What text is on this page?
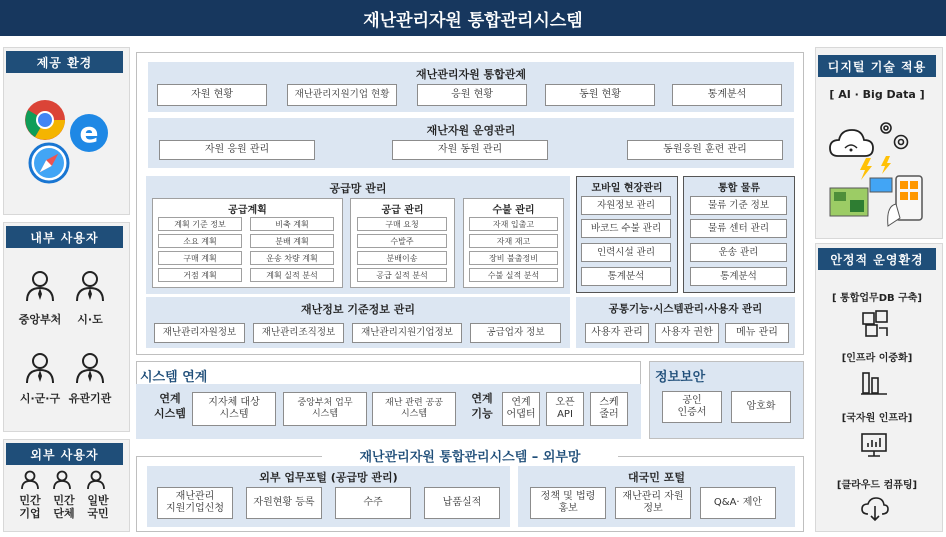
재난관리자원 통합관리시스템
제공 환경
e
내부 사용자
중앙부처	시·도
시·군·구 유관기관
외부 사용자
민간
기업
민간
단체
일반
국민
디지털 기술 적용
[ AI · Big Data ]
안정적 운영환경
[ 통합업무DB 구축]
[인프라 이중화]
[국자원 인프라]
[클라우드 컴퓨팅]
재난관리자원 통합관제
자원 현황	재난관리지원기업 현황	응원 현황	동원 현황	통계분석
재난자원 운영관리
자원 응원 관리	자원 동원 관리	동원응원 훈련 관리
공급망 관리
공급계획
계획 기준 정보	비축 계획
소요 계획	분배 계획
구매 계획	운송 차량 계획
거점 계획	계획 실적 분석
공급 관리
구매 요청
수발주
분배이송
공급 실적 분석
수불 관리
자재 입출고
자재 재고
장비 불출정비
수불 실적 분석
모바일 현장관리
자원정보 관리
바코드 수불 관리
인력시설 관리
통계분석
통합 물류
물류 기준 정보
물류 센터 관리
운송 관리
통계분석
재난정보 기준정보 관리
재난관리자원정보	재난관리조직정보	재난관리지원기업정보	공급업자 정보
공통기능·시스템관리·사용자 관리
사용자 관리	사용자 권한	메뉴 관리
시스템 연계
연계
시스템
지자체 대상
시스템
중앙부처 업무
시스템
재난 관련 공공
시스템
연계
기능
연계
어댑터
오픈
API
스케
줄러
정보보안
공인
인증서
암호화
재난관리자원 통합관리시스템 – 외부망
외부 업무포털 (공급망 관리)
재난관리
지원기업신청
자원현황 등록	수주	납품실적
대국민 포털
정책 및 법령
홍보
재난관리 자원
정보
Q&A· 제안
